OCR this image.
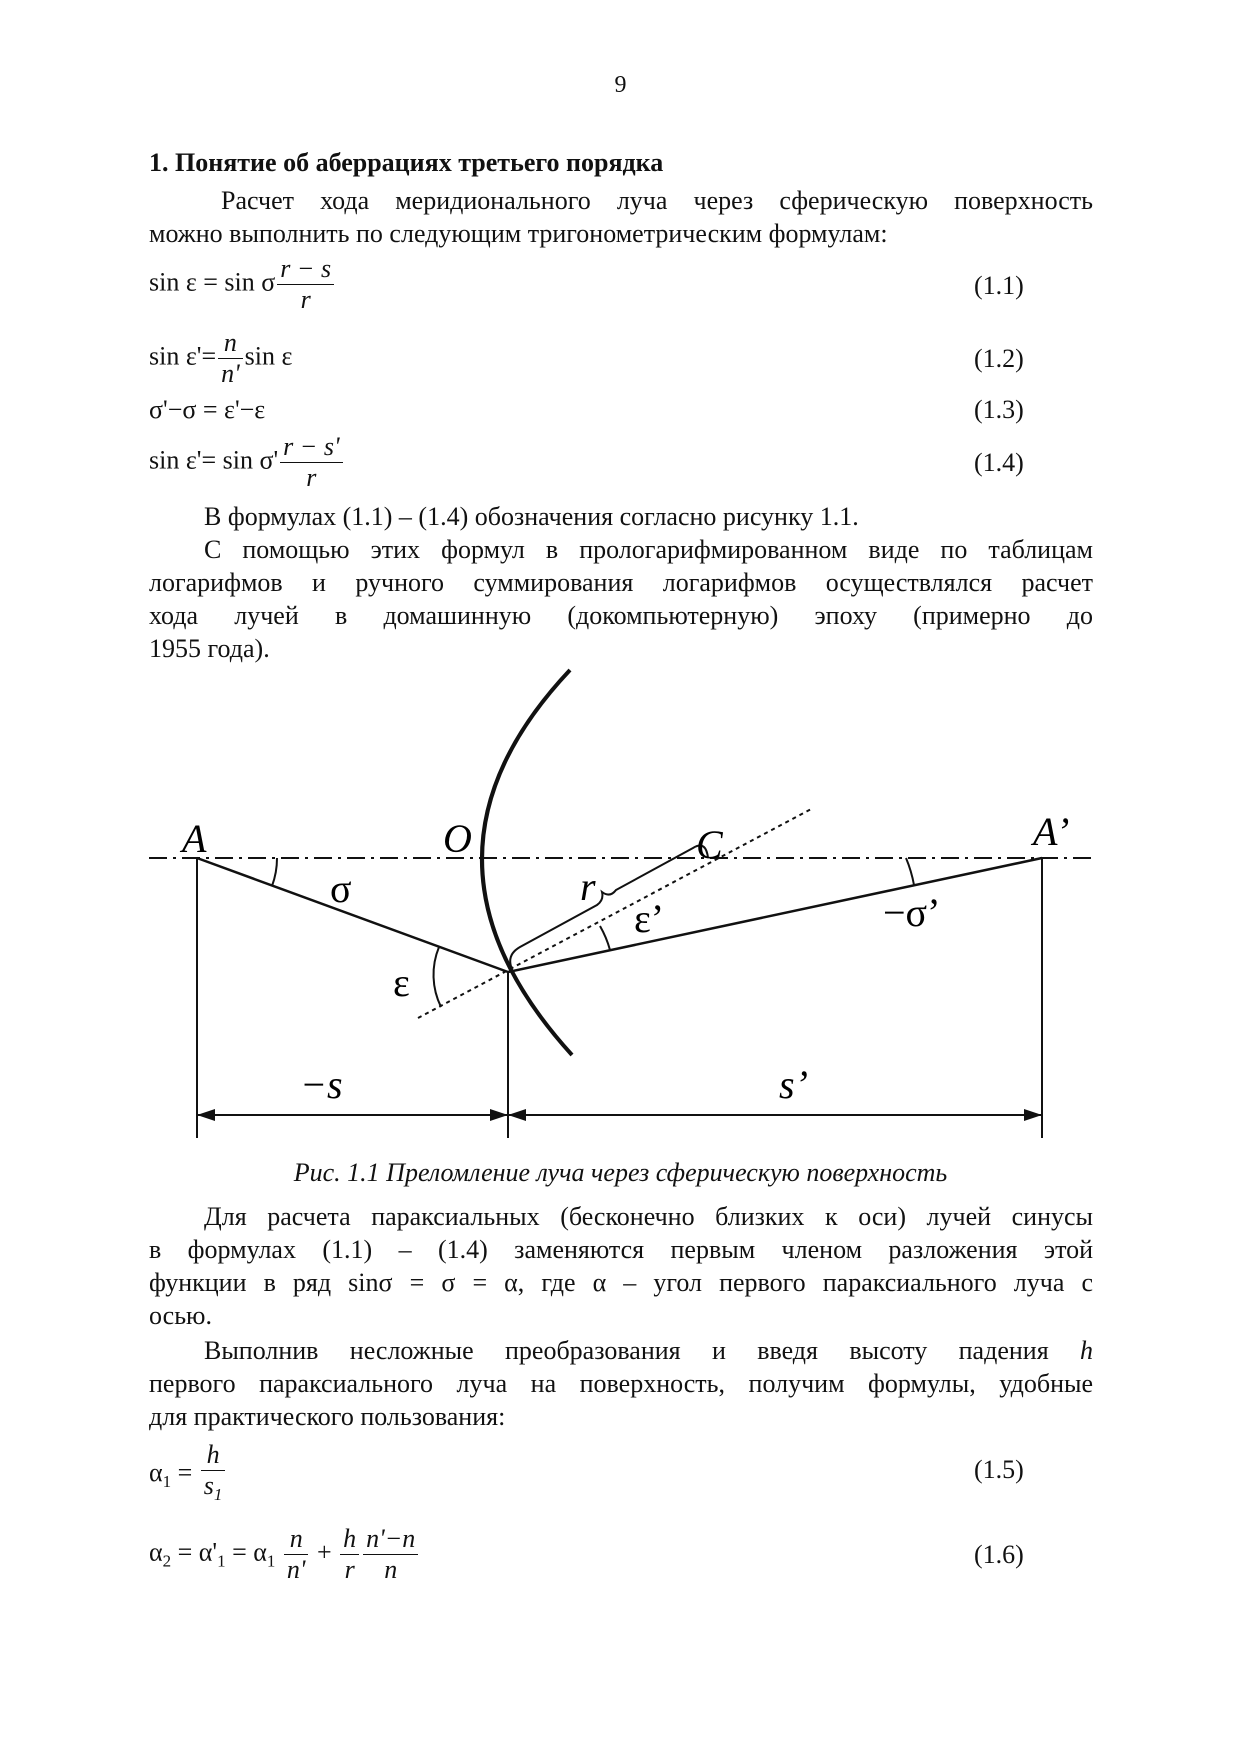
9
1. Понятие об аберрациях третьего порядка
Расчет хода меридионального луча через сферическую поверхность
можно выполнить по следующим тригонометрическим формулам:
sin ε = sin σ $\frac{r - s}{r}$	(1.1)
$\sin \varepsilon'= \frac{n}{n'}$ sin ε	(1.2)
σ'−σ = ε'−ε	(1.3)
$\sin \varepsilon'= \sin \sigma' \frac{r - s'}{r}$	(1.4)
В формулах (1.1) – (1.4) обозначения согласно рисунку 1.1.
С помощью этих формул в прологарифмированном виде по таблицам
логарифмов и ручного суммирования логарифмов осуществлялся расчет
хода лучей в домашинную (докомпьютерную) эпоху (примерно до
1955 года).
A	O	C	A’
σ	r
ε’	−σ’
ε
−s	s’
Рис. 1.1 Преломление луча через сферическую поверхность
Для расчета параксиальных (бесконечно близких к оси) лучей синусы
в формулах (1.1) – (1.4) заменяются первым членом разложения этой
функции в ряд sinσ = σ = α, где α – угол первого параксиального луча с
осью.
Выполнив несложные преобразования и введя высоту падения h
первого параксиального луча на поверхность, получим формулы, удобные
для практического пользования:
$\alpha_1 = \frac{h}{s_1}$	(1.5)
$\alpha_2 = \alpha'_1 = \alpha_1 \frac{n}{n'} + \frac{h}{r} \frac{n'-n}{n}$	(1.6)
